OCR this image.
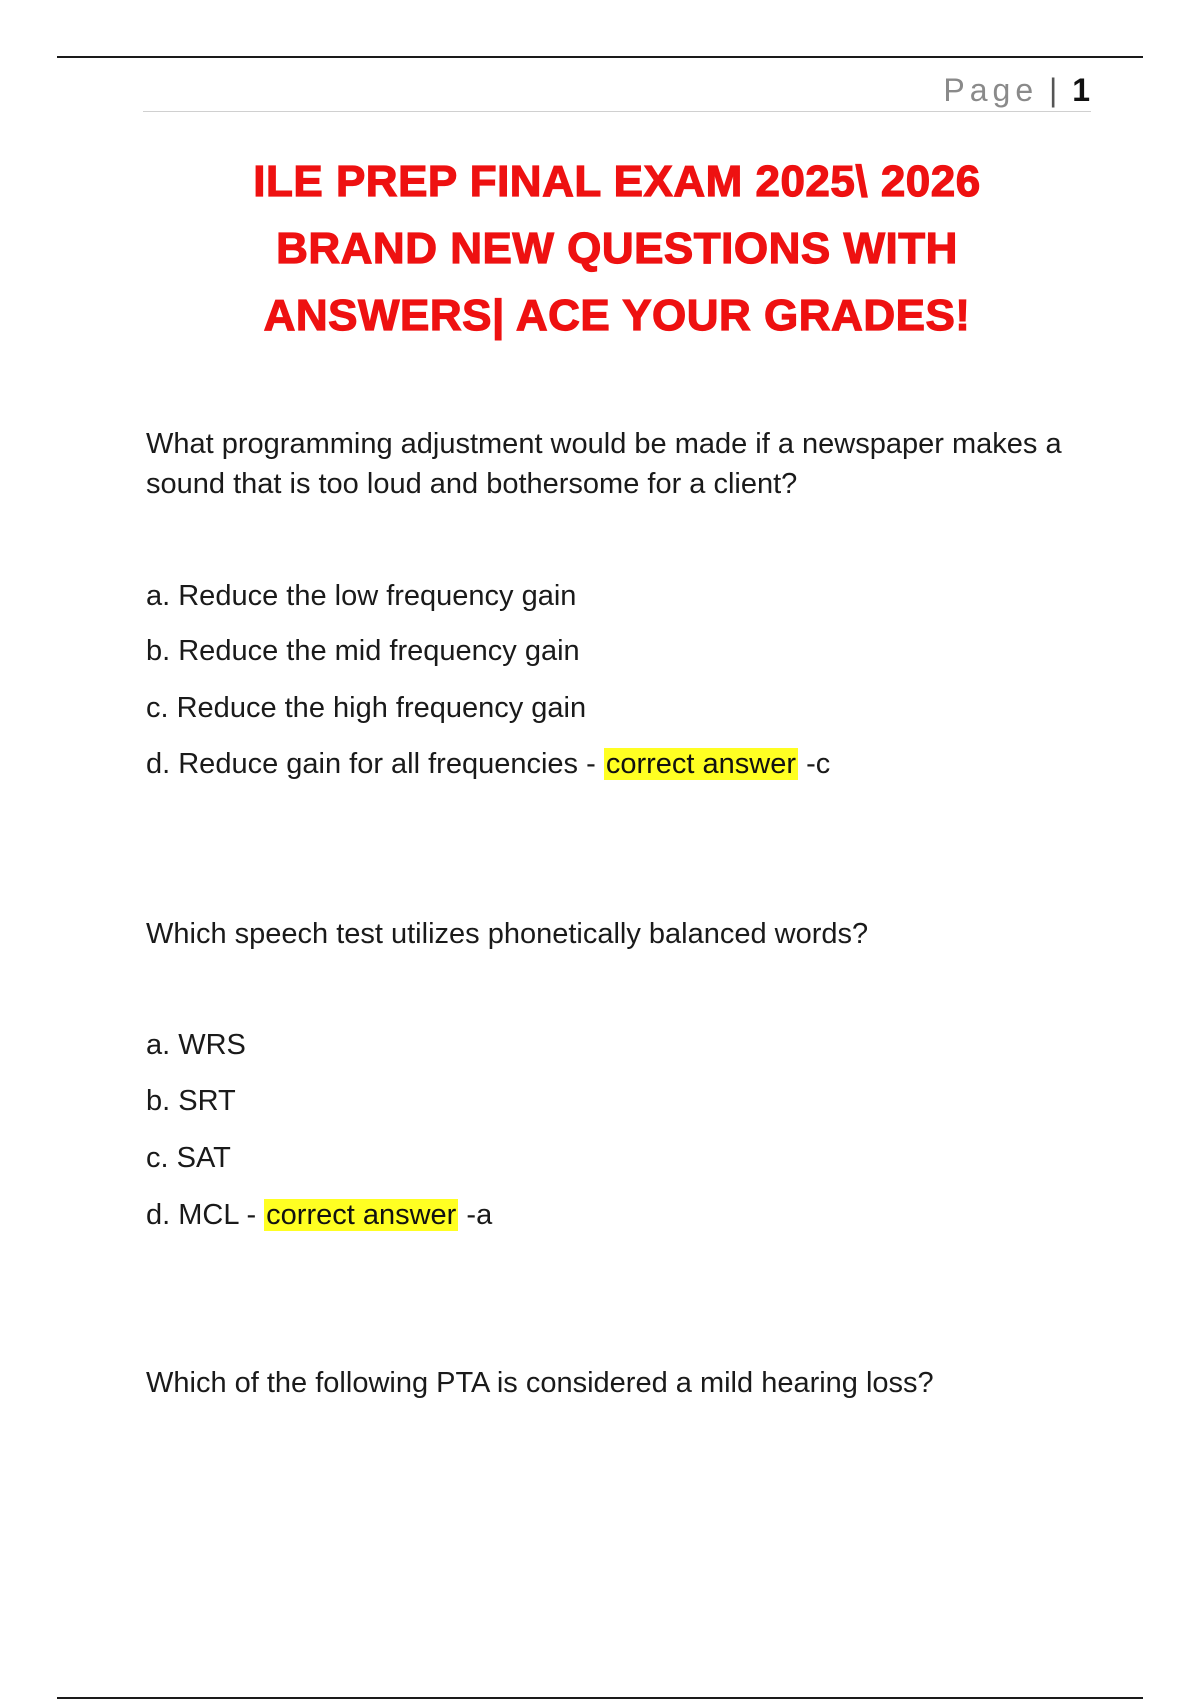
Page | 1
ILE PREP FINAL EXAM 2025\ 2026
BRAND NEW QUESTIONS WITH
ANSWERS| ACE YOUR GRADES!
What programming adjustment would be made if a newspaper makes a sound that is too loud and bothersome for a client?
a. Reduce the low frequency gain
b. Reduce the mid frequency gain
c. Reduce the high frequency gain
d. Reduce gain for all frequencies - correct answer -c
Which speech test utilizes phonetically balanced words?
a. WRS
b. SRT
c. SAT
d. MCL - correct answer -a
Which of the following PTA is considered a mild hearing loss?
